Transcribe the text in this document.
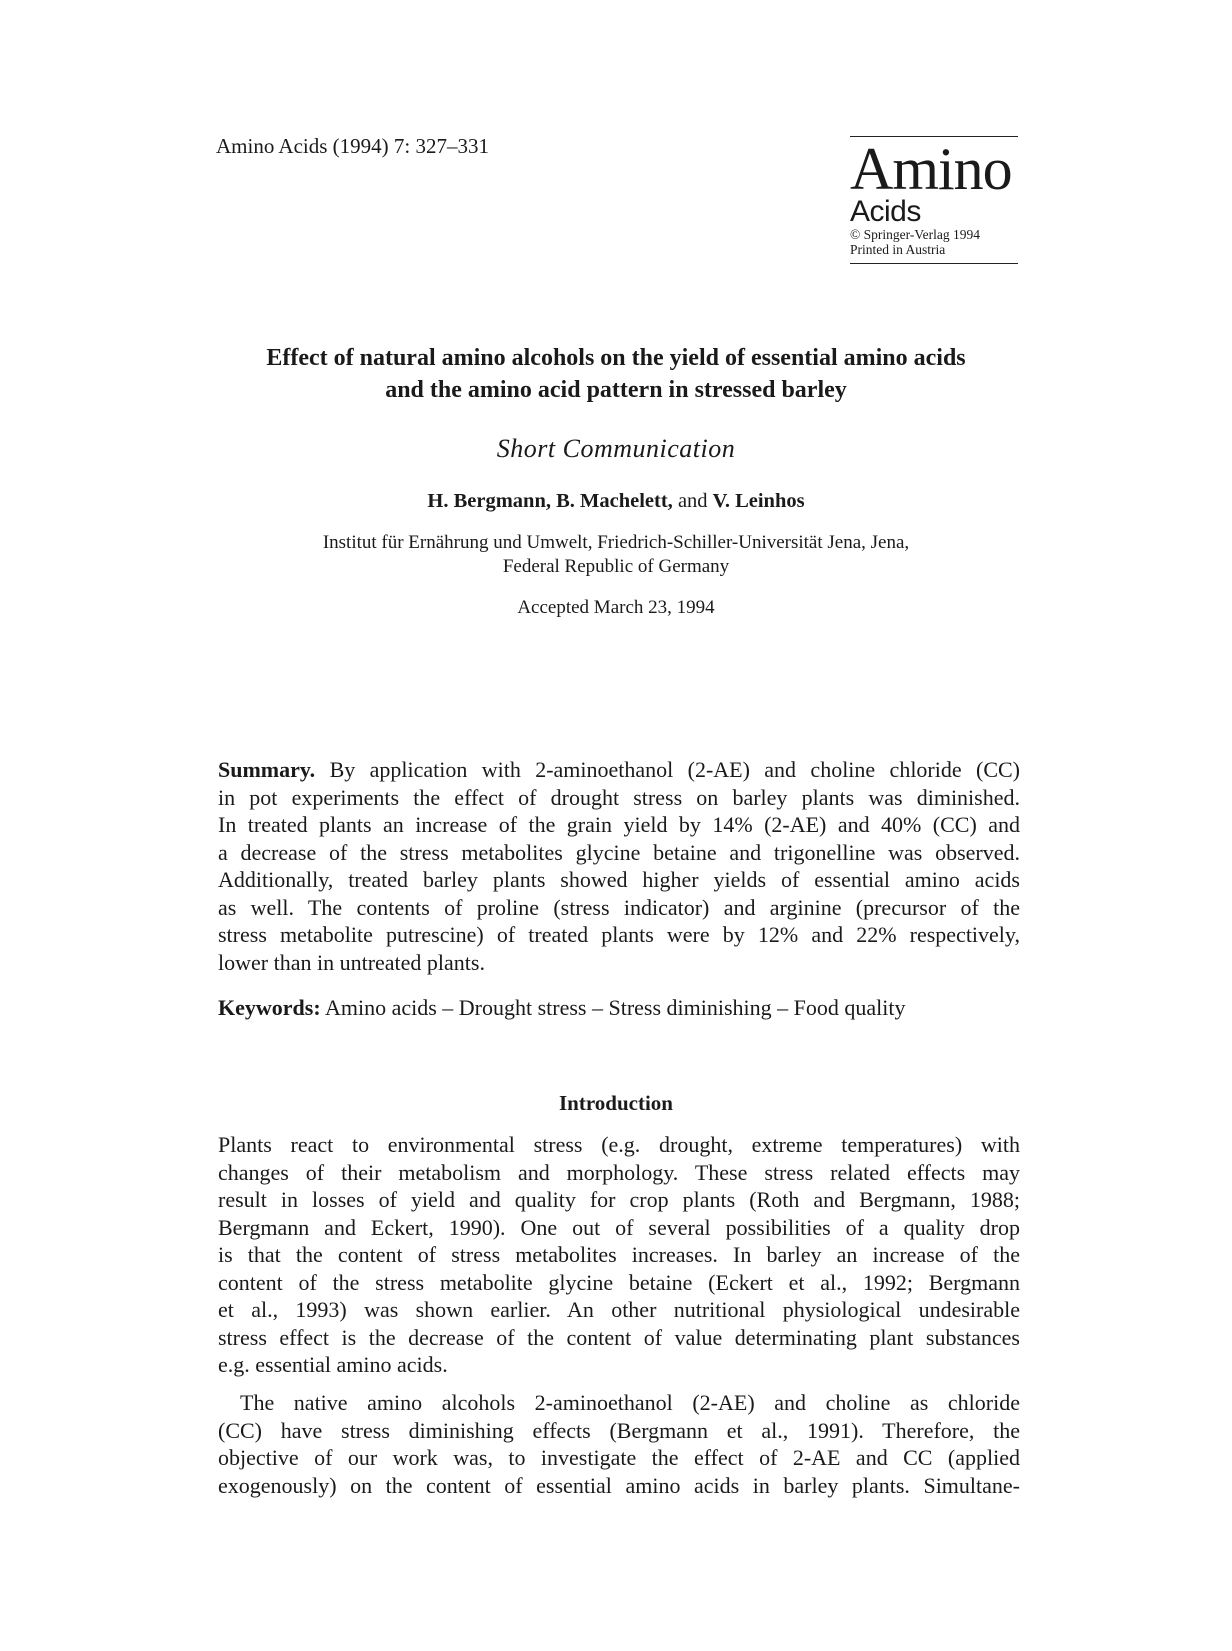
Amino Acids (1994) 7: 327–331	Amino
Acids
© Springer-Verlag 1994
Printed in Austria
Effect of natural amino alcohols on the yield of essential amino acids
and the amino acid pattern in stressed barley
Short Communication
H. Bergmann, B. Machelett, and V. Leinhos
Institut für Ernährung und Umwelt, Friedrich-Schiller-Universität Jena, Jena,
Federal Republic of Germany
Accepted March 23, 1994
Summary. By application with 2-aminoethanol (2-AE) and choline chloride (CC)
in pot experiments the effect of drought stress on barley plants was diminished.
In treated plants an increase of the grain yield by 14% (2-AE) and 40% (CC) and
a decrease of the stress metabolites glycine betaine and trigonelline was observed.
Additionally, treated barley plants showed higher yields of essential amino acids
as well. The contents of proline (stress indicator) and arginine (precursor of the
stress metabolite putrescine) of treated plants were by 12% and 22% respectively,
lower than in untreated plants.
Keywords: Amino acids – Drought stress – Stress diminishing – Food quality
Introduction
Plants react to environmental stress (e.g. drought, extreme temperatures) with
changes of their metabolism and morphology. These stress related effects may
result in losses of yield and quality for crop plants (Roth and Bergmann, 1988;
Bergmann and Eckert, 1990). One out of several possibilities of a quality drop
is that the content of stress metabolites increases. In barley an increase of the
content of the stress metabolite glycine betaine (Eckert et al., 1992; Bergmann
et al., 1993) was shown earlier. An other nutritional physiological undesirable
stress effect is the decrease of the content of value determinating plant substances
e.g. essential amino acids.
The native amino alcohols 2-aminoethanol (2-AE) and choline as chloride
(CC) have stress diminishing effects (Bergmann et al., 1991). Therefore, the
objective of our work was, to investigate the effect of 2-AE and CC (applied
exogenously) on the content of essential amino acids in barley plants. Simultane-
